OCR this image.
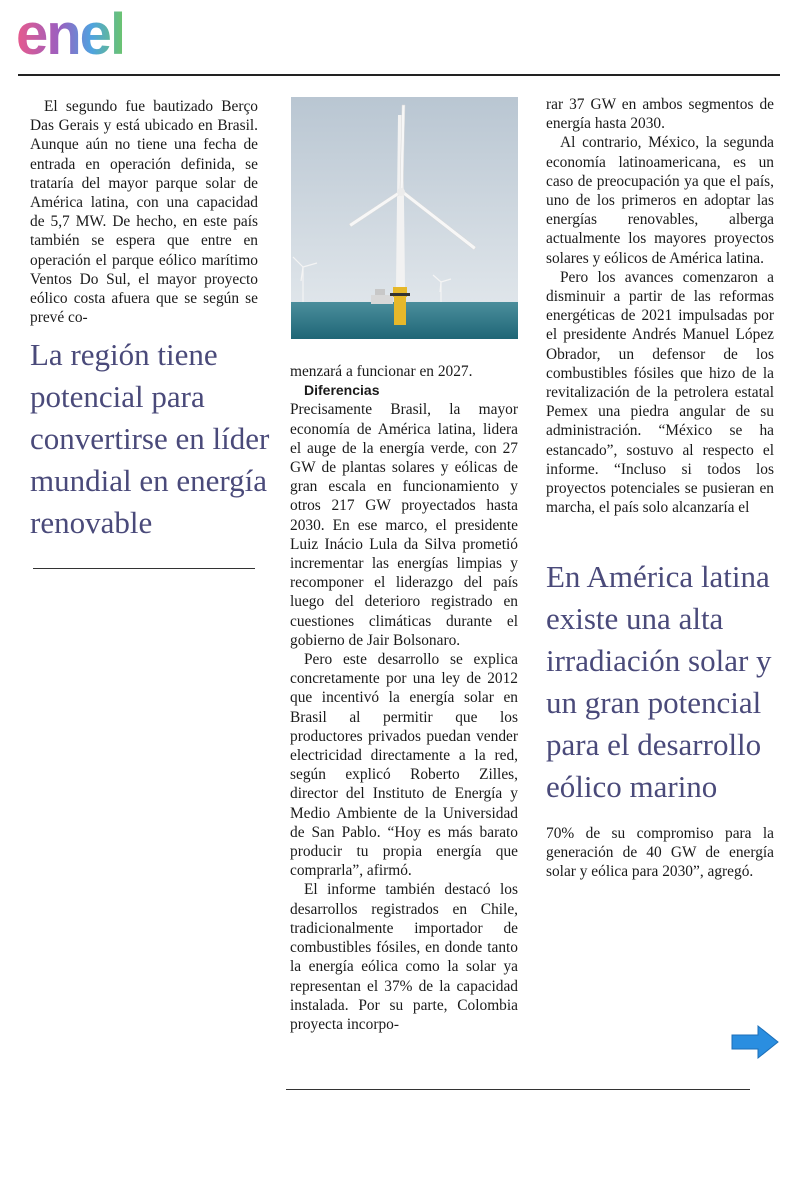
enel

El segundo fue bautizado Berço Das Gerais y está ubicado en Brasil. Aunque aún no tiene una fecha de entrada en operación definida, se trataría del mayor parque solar de América latina, con una capacidad de 5,7 MW. De hecho, en este país también se espera que entre en operación el parque eólico marítimo Ventos Do Sul, el mayor proyecto eólico costa afuera que se según se prevé co-

La región tiene potencial para convertirse en líder mundial en energía renovable

menzará a funcionar en 2027.

Diferencias

Precisamente Brasil, la mayor economía de América latina, lidera el auge de la energía verde, con 27 GW de plantas solares y eólicas de gran escala en funcionamiento y otros 217 GW proyectados hasta 2030. En ese marco, el presidente Luiz Inácio Lula da Silva prometió incrementar las energías limpias y recomponer el liderazgo del país luego del deterioro registrado en cuestiones climáticas durante el gobierno de Jair Bolsonaro.

Pero este desarrollo se explica concretamente por una ley de 2012 que incentivó la energía solar en Brasil al permitir que los productores privados puedan vender electricidad directamente a la red, según explicó Roberto Zilles, director del Instituto de Energía y Medio Ambiente de la Universidad de San Pablo. “Hoy es más barato producir tu propia energía que comprarla”, afirmó.

El informe también destacó los desarrollos registrados en Chile, tradicionalmente importador de combustibles fósiles, en donde tanto la energía eólica como la solar ya representan el 37% de la capacidad instalada. Por su parte, Colombia proyecta incorpo-

rar 37 GW en ambos segmentos de energía hasta 2030.

Al contrario, México, la segunda economía latinoamericana, es un caso de preocupación ya que el país, uno de los primeros en adoptar las energías renovables, alberga actualmente los mayores proyectos solares y eólicos de América latina.

Pero los avances comenzaron a disminuir a partir de las reformas energéticas de 2021 impulsadas por el presidente Andrés Manuel López Obrador, un defensor de los combustibles fósiles que hizo de la revitalización de la petrolera estatal Pemex una piedra angular de su administración. “México se ha estancado”, sostuvo al respecto el informe. “Incluso si todos los proyectos potenciales se pusieran en marcha, el país solo alcanzaría el

En América latina existe una alta irradiación solar y un gran potencial para el desarrollo eólico marino

70% de su compromiso para la generación de 40 GW de energía solar y eólica para 2030”, agregó.
